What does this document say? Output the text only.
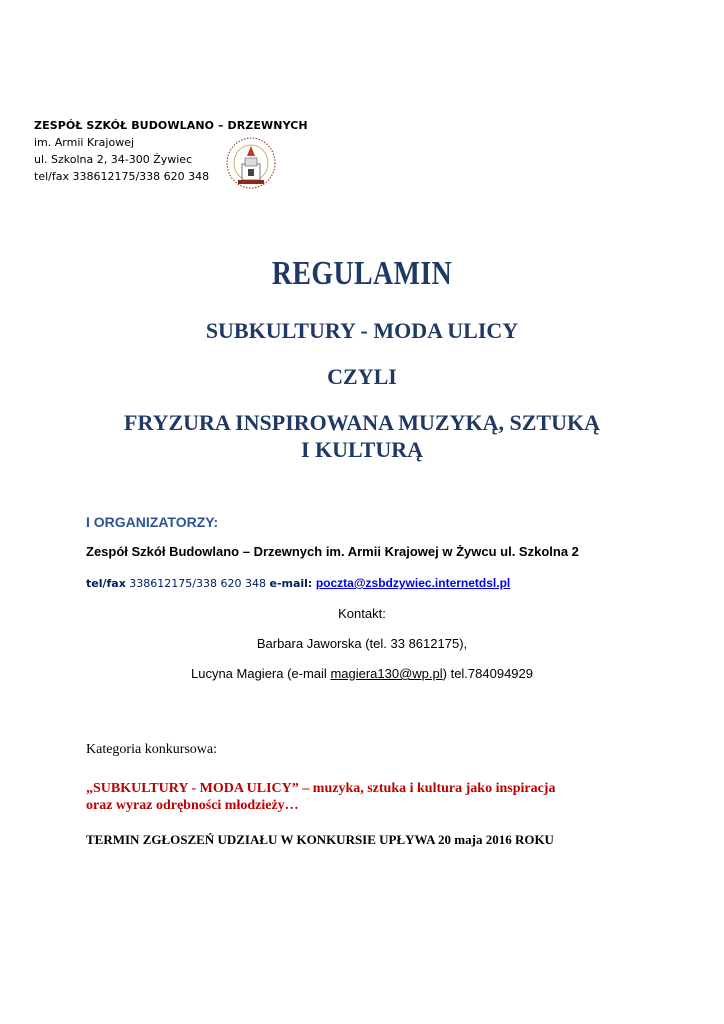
ZESPÓŁ SZKÓŁ BUDOWLANO – DRZEWNYCH
im. Armii Krajowej
ul. Szkolna 2, 34-300 Żywiec
tel/fax 338612175/338 620 348
REGULAMIN
SUBKULTURY - MODA ULICY
CZYLI
FRYZURA INSPIROWANA MUZYKĄ, SZTUKĄ
I KULTURĄ
I ORGANIZATORZY:
Zespół Szkół Budowlano – Drzewnych im. Armii Krajowej w Żywcu ul. Szkolna 2
tel/fax 338612175/338 620 348 e-mail: poczta@zsbdzywiec.internetdsl.pl
Kontakt:
Barbara Jaworska (tel. 33 8612175),
Lucyna Magiera (e-mail magiera130@wp.pl) tel.784094929
Kategoria konkursowa:
„SUBKULTURY - MODA ULICY” – muzyka, sztuka i kultura jako inspiracja
oraz wyraz odrębności młodzieży…
TERMIN ZGŁOSZEŃ UDZIAŁU W KONKURSIE UPŁYWA 20 maja 2016 ROKU
